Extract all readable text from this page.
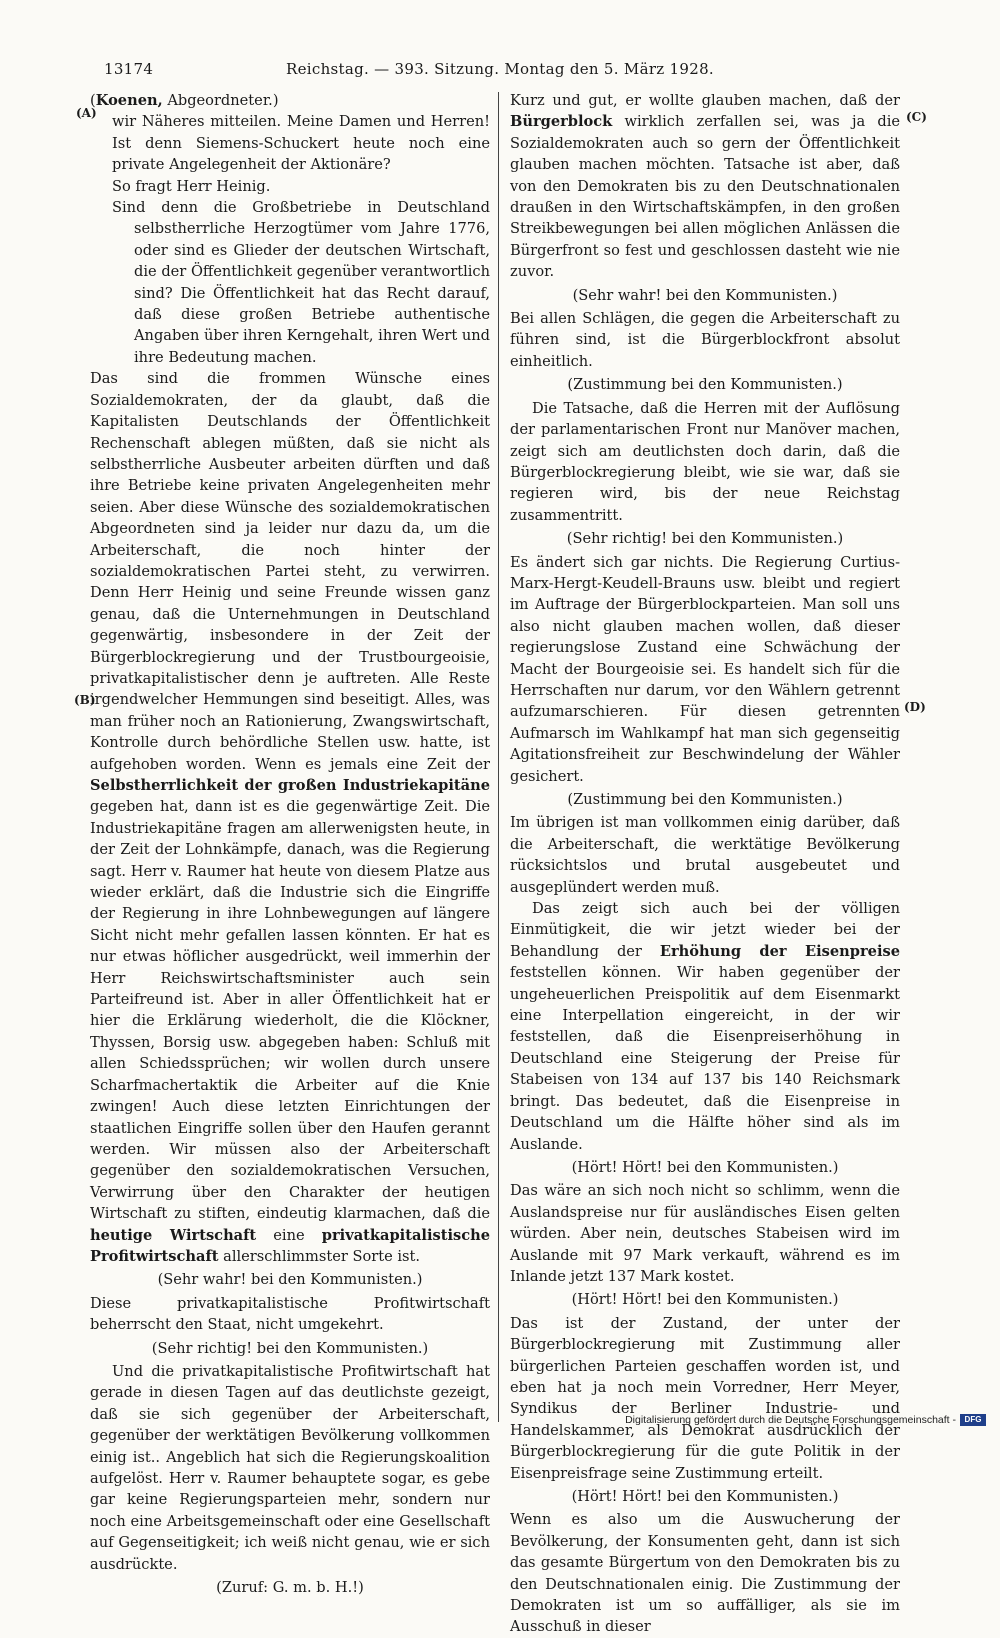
13174	Reichstag. — 393. Sitzung. Montag den 5. März 1928.
(A)
(B)
(C)
(D)

(Koenen, Abgeordneter.)

wir Näheres mitteilen. Meine Damen und Herren! Ist denn Siemens-Schuckert heute noch eine private Angelegenheit der Aktionäre?

So fragt Herr Heinig.

Sind denn die Großbetriebe in Deutschland selbstherrliche Herzogtümer vom Jahre 1776, oder sind es Glieder der deutschen Wirtschaft, die der Öffentlichkeit gegenüber verantwortlich sind? Die Öffentlichkeit hat das Recht darauf, daß diese großen Betriebe authentische Angaben über ihren Kerngehalt, ihren Wert und ihre Bedeutung machen.

Das sind die frommen Wünsche eines Sozialdemokraten, der da glaubt, daß die Kapitalisten Deutschlands der Öffentlichkeit Rechenschaft ablegen müßten, daß sie nicht als selbstherrliche Ausbeuter arbeiten dürften und daß ihre Betriebe keine privaten Angelegenheiten mehr seien. Aber diese Wünsche des sozialdemokratischen Abgeordneten sind ja leider nur dazu da, um die Arbeiterschaft, die noch hinter der sozialdemokratischen Partei steht, zu verwirren. Denn Herr Heinig und seine Freunde wissen ganz genau, daß die Unternehmungen in Deutschland gegenwärtig, insbesondere in der Zeit der Bürgerblockregierung und der Trustbourgeoisie, privatkapitalistischer denn je auftreten. Alle Reste irgendwelcher Hemmungen sind beseitigt. Alles, was man früher noch an Rationierung, Zwangswirtschaft, Kontrolle durch behördliche Stellen usw. hatte, ist aufgehoben worden. Wenn es jemals eine Zeit der Selbstherrlichkeit der großen Industriekapitäne gegeben hat, dann ist es die gegenwärtige Zeit. Die Industriekapitäne fragen am allerwenigsten heute, in der Zeit der Lohnkämpfe, danach, was die Regierung sagt. Herr v. Raumer hat heute von diesem Platze aus wieder erklärt, daß die Industrie sich die Eingriffe der Regierung in ihre Lohnbewegungen auf längere Sicht nicht mehr gefallen lassen könnten. Er hat es nur etwas höflicher ausgedrückt, weil immerhin der Herr Reichswirtschaftsminister auch sein Parteifreund ist. Aber in aller Öffentlichkeit hat er hier die Erklärung wiederholt, die die Klöckner, Thyssen, Borsig usw. abgegeben haben: Schluß mit allen Schiedssprüchen; wir wollen durch unsere Scharfmachertaktik die Arbeiter auf die Knie zwingen! Auch diese letzten Einrichtungen der staatlichen Eingriffe sollen über den Haufen gerannt werden. Wir müssen also der Arbeiterschaft gegenüber den sozialdemokratischen Versuchen, Verwirrung über den Charakter der heutigen Wirtschaft zu stiften, eindeutig klarmachen, daß die heutige Wirtschaft eine privatkapitalistische Profitwirtschaft allerschlimmster Sorte ist.

(Sehr wahr! bei den Kommunisten.)

Diese privatkapitalistische Profitwirtschaft beherrscht den Staat, nicht umgekehrt.

(Sehr richtig! bei den Kommunisten.)

Und die privatkapitalistische Profitwirtschaft hat gerade in diesen Tagen auf das deutlichste gezeigt, daß sie sich gegenüber der Arbeiterschaft, gegenüber der werktätigen Bevölkerung vollkommen einig ist.. Angeblich hat sich die Regierungskoalition aufgelöst. Herr v. Raumer behauptete sogar, es gebe gar keine Regierungsparteien mehr, sondern nur noch eine Arbeitsgemeinschaft oder eine Gesellschaft auf Gegenseitigkeit; ich weiß nicht genau, wie er sich ausdrückte.

(Zuruf: G. m. b. H.!)

Kurz und gut, er wollte glauben machen, daß der Bürgerblock wirklich zerfallen sei, was ja die Sozialdemokraten auch so gern der Öffentlichkeit glauben machen möchten. Tatsache ist aber, daß von den Demokraten bis zu den Deutschnationalen draußen in den Wirtschaftskämpfen, in den großen Streikbewegungen bei allen möglichen Anlässen die Bürgerfront so fest und geschlossen dasteht wie nie zuvor.

(Sehr wahr! bei den Kommunisten.)

Bei allen Schlägen, die gegen die Arbeiterschaft zu führen sind, ist die Bürgerblockfront absolut einheitlich.

(Zustimmung bei den Kommunisten.)

Die Tatsache, daß die Herren mit der Auflösung der parlamentarischen Front nur Manöver machen, zeigt sich am deutlichsten doch darin, daß die Bürgerblockregierung bleibt, wie sie war, daß sie regieren wird, bis der neue Reichstag zusammentritt.

(Sehr richtig! bei den Kommunisten.)

Es ändert sich gar nichts. Die Regierung Curtius-Marx-Hergt-Keudell-Brauns usw. bleibt und regiert im Auftrage der Bürgerblockparteien. Man soll uns also nicht glauben machen wollen, daß dieser regierungslose Zustand eine Schwächung der Macht der Bourgeoisie sei. Es handelt sich für die Herrschaften nur darum, vor den Wählern getrennt aufzumarschieren. Für diesen getrennten Aufmarsch im Wahlkampf hat man sich gegenseitig Agitationsfreiheit zur Beschwindelung der Wähler gesichert.

(Zustimmung bei den Kommunisten.)

Im übrigen ist man vollkommen einig darüber, daß die Arbeiterschaft, die werktätige Bevölkerung rücksichtslos und brutal ausgebeutet und ausgeplündert werden muß.

Das zeigt sich auch bei der völligen Einmütigkeit, die wir jetzt wieder bei der Behandlung der Erhöhung der Eisenpreise feststellen können. Wir haben gegenüber der ungeheuerlichen Preispolitik auf dem Eisenmarkt eine Interpellation eingereicht, in der wir feststellen, daß die Eisenpreiserhöhung in Deutschland eine Steigerung der Preise für Stabeisen von 134 auf 137 bis 140 Reichsmark bringt. Das bedeutet, daß die Eisenpreise in Deutschland um die Hälfte höher sind als im Auslande.

(Hört! Hört! bei den Kommunisten.)

Das wäre an sich noch nicht so schlimm, wenn die Auslandspreise nur für ausländisches Eisen gelten würden. Aber nein, deutsches Stabeisen wird im Auslande mit 97 Mark verkauft, während es im Inlande jetzt 137 Mark kostet.

(Hört! Hört! bei den Kommunisten.)

Das ist der Zustand, der unter der Bürgerblockregierung mit Zustimmung aller bürgerlichen Parteien geschaffen worden ist, und eben hat ja noch mein Vorredner, Herr Meyer, Syndikus der Berliner Industrie- und Handelskammer, als Demokrat ausdrücklich der Bürgerblockregierung für die gute Politik in der Eisenpreisfrage seine Zustimmung erteilt.

(Hört! Hört! bei den Kommunisten.)

Wenn es also um die Auswucherung der Bevölkerung, der Konsumenten geht, dann ist sich das gesamte Bürgertum von den Demokraten bis zu den Deutschnationalen einig. Die Zustimmung der Demokraten ist um so auffälliger, als sie im Ausschuß in dieser

Digitalisierung gefördert durch die Deutsche Forschungsgemeinschaft -	DFG
